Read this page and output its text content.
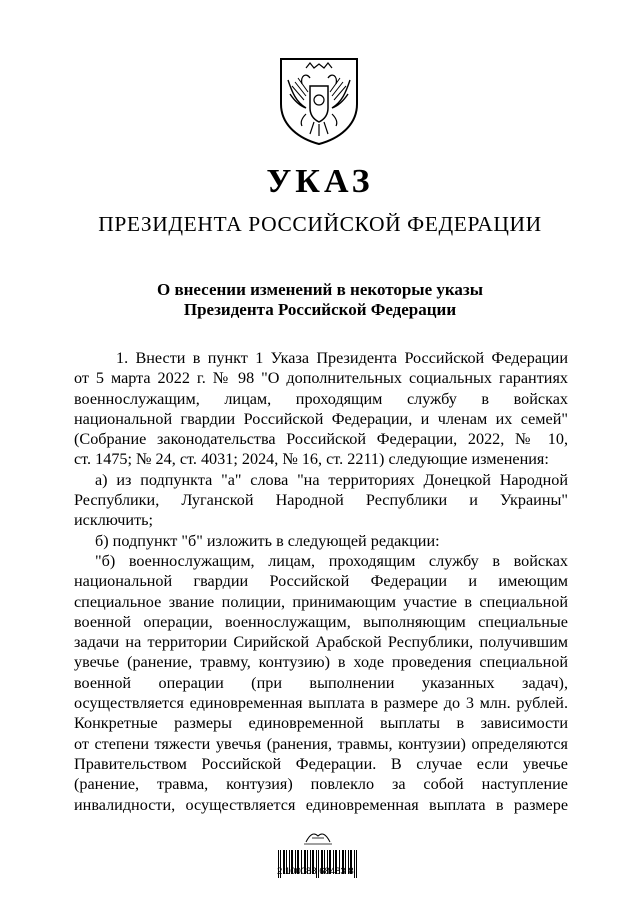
УКАЗ
ПРЕЗИДЕНТА РОССИЙСКОЙ ФЕДЕРАЦИИ
О внесении изменений в некоторые указы
Президента Российской Федерации
1. Внести в пункт 1 Указа Президента Российской Федерации
от 5 марта 2022 г. № 98 "О дополнительных социальных гарантиях
военнослужащим, лицам, проходящим службу в войсках
национальной гвардии Российской Федерации, и членам их семей"
(Собрание законодательства Российской Федерации, 2022, № 10,
ст. 1475; № 24, ст. 4031; 2024, № 16, ст. 2211) следующие изменения:
а) из подпункта "а" слова "на территориях Донецкой Народной
Республики, Луганской Народной Республики и Украины"
исключить;
б) подпункт "б" изложить в следующей редакции:
"б) военнослужащим, лицам, проходящим службу в войсках
национальной гвардии Российской Федерации и имеющим
специальное звание полиции, принимающим участие в специальной
военной операции, военнослужащим, выполняющим специальные
задачи на территории Сирийской Арабской Республики, получившим
увечье (ранение, травму, контузию) в ходе проведения специальной
военной операции (при выполнении указанных задач),
осуществляется единовременная выплата в размере до 3 млн. рублей.
Конкретные размеры единовременной выплаты в зависимости
от степени тяжести увечья (ранения, травмы, контузии) определяются
Правительством Российской Федерации. В случае если увечье
(ранение, травма, контузия) повлекло за собой наступление
инвалидности, осуществляется единовременная выплата в размере
2 100088 68483 8
